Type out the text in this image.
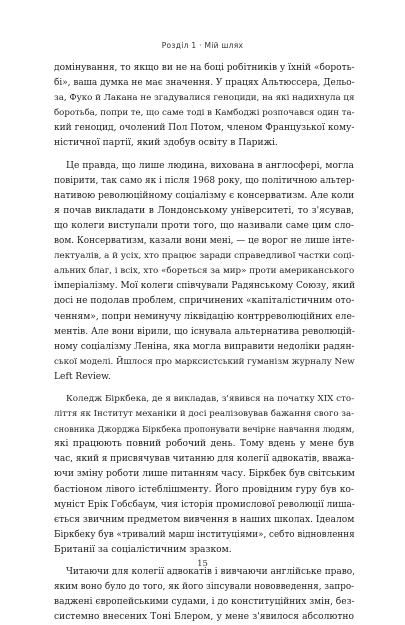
Розділ 1 · Мій шлях

домінування, то якщо ви не на боці робітників у їхній «бороть-
бі», ваша думка не має значення. У працях Альтюссера, Дельо-
за, Фуко й Лакана не згадувалися геноциди, на які надихнула ця
боротьба, попри те, що саме тоді в Камбоджі розпочався один та-
кий геноцид, очолений Пол Потом, членом Французької кому-
ністичної партії, який здобув освіту в Парижі.

Це правда, що лише людина, вихована в англосфері, могла
повірити, так само як і після 1968 року, що політичною альтер-
нативою революційному соціалізму є консерватизм. Але коли
я почав викладати в Лондонському університеті, то з'ясував,
що колеги виступали проти того, що називали саме цим сло-
вом. Консерватизм, казали вони мені, — це ворог не лише інте-
лектуалів, а й усіх, хто працює заради справедливої частки соці-
альних благ, і всіх, хто «бореться за мир» проти американського
імперіалізму. Мої колеги співчували Радянському Союзу, який
досі не подолав проблем, спричинених «капіталістичним ото-
ченням», попри неминучу ліквідацію контрреволюційних еле-
ментів. Але вони вірили, що існувала альтернатива революцій-
ному соціалізму Леніна, яка могла виправити недоліки радян-
ської моделі. Йшлося про марксистський гуманізм журналу New
Left Review.

Коледж Біркбека, де я викладав, з'явився на початку XIX сто-
ліття як Інститут механіки й досі реалізовував бажання свого за-
сновника Джорджа Біркбека пропонувати вечірнє навчання людям,
які працюють повний робочий день. Тому вдень у мене був
час, який я присвячував читанню для колегії адвокатів, вважа-
ючи зміну роботи лише питанням часу. Біркбек був світським
бастіоном лівого істеблішменту. Його провідним гуру був ко-
муніст Ерік Гобсбаум, чия історія промислової революції лиша-
ється звичним предметом вивчення в наших школах. Ідеалом
Біркбеку був «тривалий марш інституціями», себто відновлення
Британії за соціалістичним зразком.

Читаючи для колегії адвокатів і вивчаючи англійське право,
яким воно було до того, як його зіпсували нововведення, запро-
ваджені європейськими судами, і до конституційних змін, без-
системно внесених Тоні Блером, у мене з'явилося абсолютно

15
